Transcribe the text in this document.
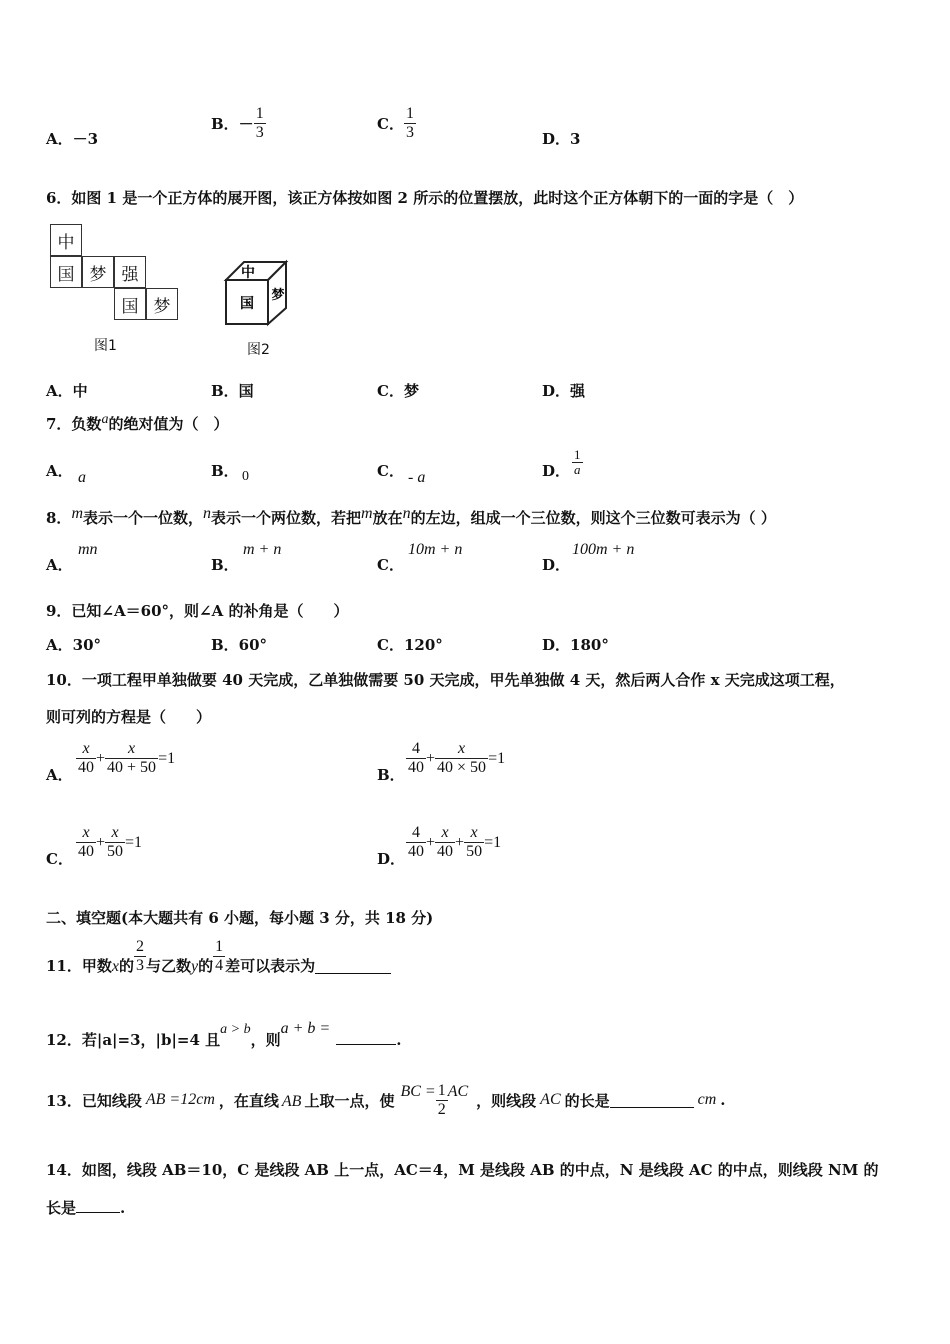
A．－3
B．－ $\frac{1}{3}$	C． $\frac{1}{3}$	D．3
6．如图 1 是一个正方体的展开图，该正方体按如图 2 所示的位置摆放，此时这个正方体朝下的一面的字是（　）
中
国 梦 强
国 梦
图1
中
国
梦
图2
A．中	B．国	C．梦	D．强
7．负数a的绝对值为（　）
A． a	B． 0	C． - a	D． $\frac{1}{a}$
8．m表示一个一位数，n表示一个两位数，若把m放在n的左边，组成一个三位数，则这个三位数可表示为（ ）
A．
mn
B．
m + n
C．
10m + n
D．
100m + n
9．已知∠A＝60°，则∠A 的补角是（　　）
A．30°	B．60°	C．120°	D．180°
10．一项工程甲单独做要 40 天完成，乙单独做需要 50 天完成，甲先单独做 4 天，然后两人合作 x 天完成这项工程，
则可列的方程是（　　）
A． $\frac{x}{40} + \frac{x}{40 + 50} =1$
B． $\frac{4}{40} + \frac{x}{40 \times 50} =1$
C． $\frac{x}{40} + \frac{x}{50} =1$
D． $\frac{4}{40} + \frac{x}{40} + \frac{x}{50} =1$
二、填空题(本大题共有 6 小题，每小题 3 分，共 18 分)
11．甲数 x 的 $\frac{2}{3}$ 与乙数 y 的 $\frac{1}{4}$ 差可以表示为
12．若|a|=3，|b|=4 且a > b，则a + b =.
13．已知线段 AB =12cm ，在直线 AB 上取一点，使 BC = $\frac{1}{2}$ AC ，则线段 AC 的长是	cm .
14．如图，线段 AB＝10，C 是线段 AB 上一点，AC＝4，M 是线段 AB 的中点，N 是线段 AC 的中点，则线段 NM 的
长是	.
